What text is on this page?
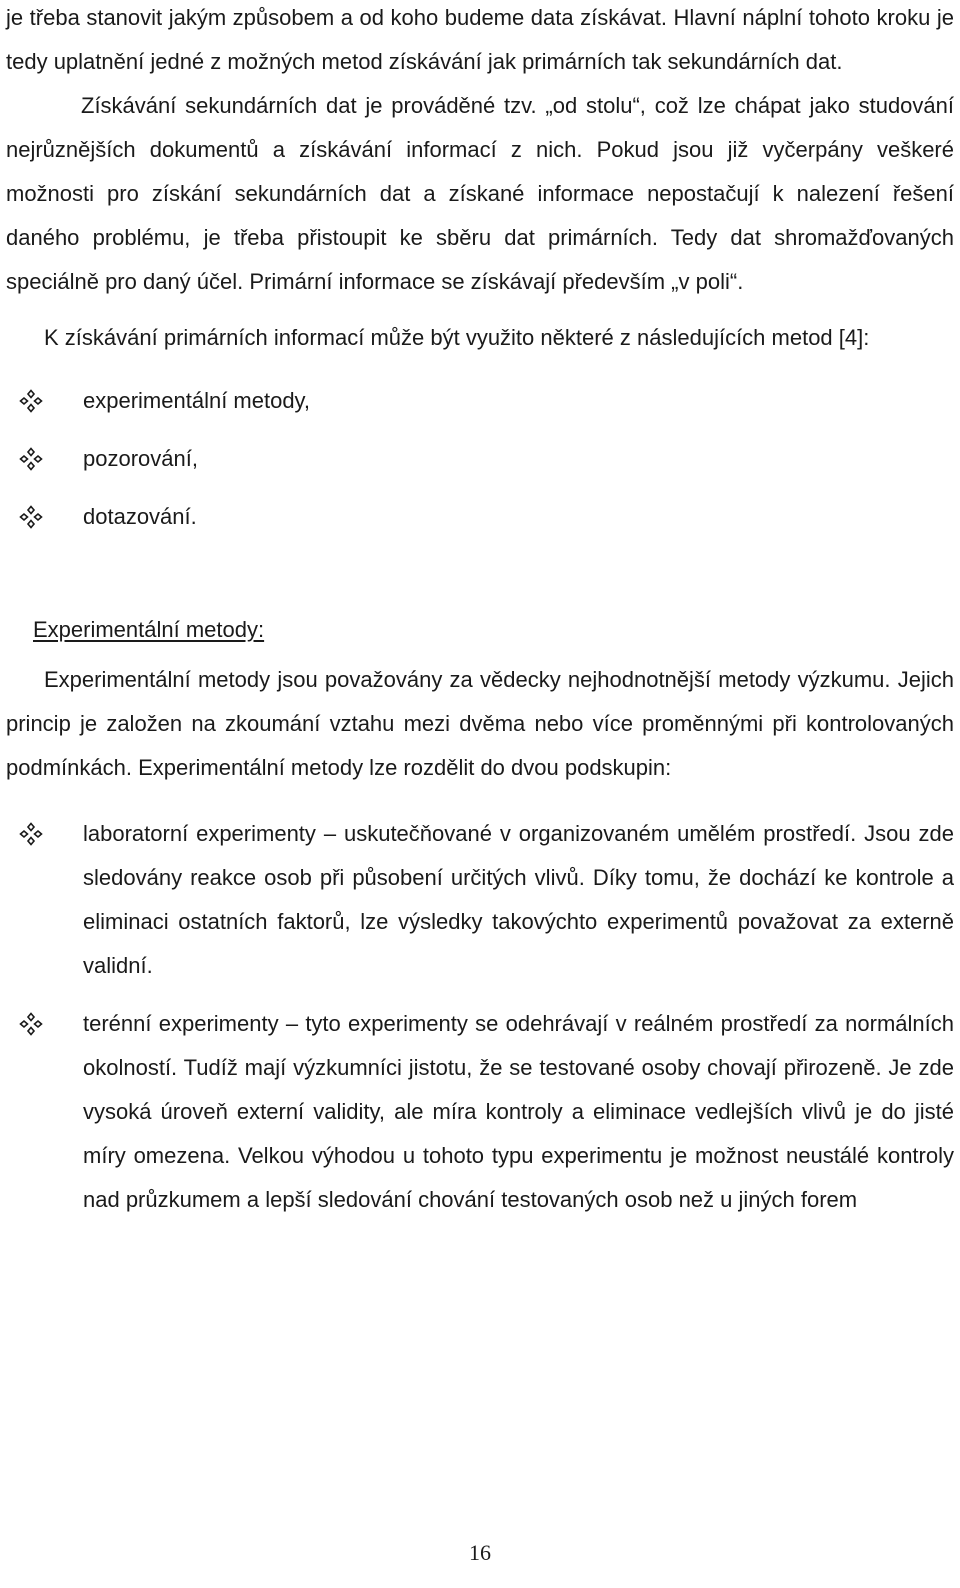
je třeba stanovit jakým způsobem a od koho budeme data získávat. Hlavní náplní tohoto kroku je tedy uplatnění jedné z možných metod získávání jak primárních tak sekundárních dat.

Získávání sekundárních dat je prováděné tzv. „od stolu“, což lze chápat jako studování nejrůznějších dokumentů a získávání informací z nich. Pokud jsou již vyčerpány veškeré možnosti pro získání sekundárních dat a získané informace nepostačují k nalezení řešení daného problému, je třeba přistoupit ke sběru dat primárních. Tedy dat shromažďovaných speciálně pro daný účel. Primární informace se získávají především „v poli“.

K získávání primárních informací může být využito některé z následujících metod [4]:

experimentální metody,
pozorování,
dotazování.
Experimentální metody:

Experimentální metody jsou považovány za vědecky nejhodnotnější metody výzkumu. Jejich princip je založen na zkoumání vztahu mezi dvěma nebo více proměnnými při kontrolovaných podmínkách. Experimentální metody lze rozdělit do dvou podskupin:

laboratorní experimenty – uskutečňované v organizovaném umělém prostředí. Jsou zde sledovány reakce osob při působení určitých vlivů. Díky tomu, že dochází ke kontrole a eliminaci ostatních faktorů, lze výsledky takovýchto experimentů považovat za externě validní.
terénní experimenty – tyto experimenty se odehrávají v reálném prostředí za normálních okolností. Tudíž mají výzkumníci jistotu, že se testované osoby chovají přirozeně. Je zde vysoká úroveň externí validity, ale míra kontroly a eliminace vedlejších vlivů je do jisté míry omezena. Velkou výhodou u tohoto typu experimentu je možnost neustálé kontroly nad průzkumem a lepší sledování chování testovaných osob než u jiných forem
16
